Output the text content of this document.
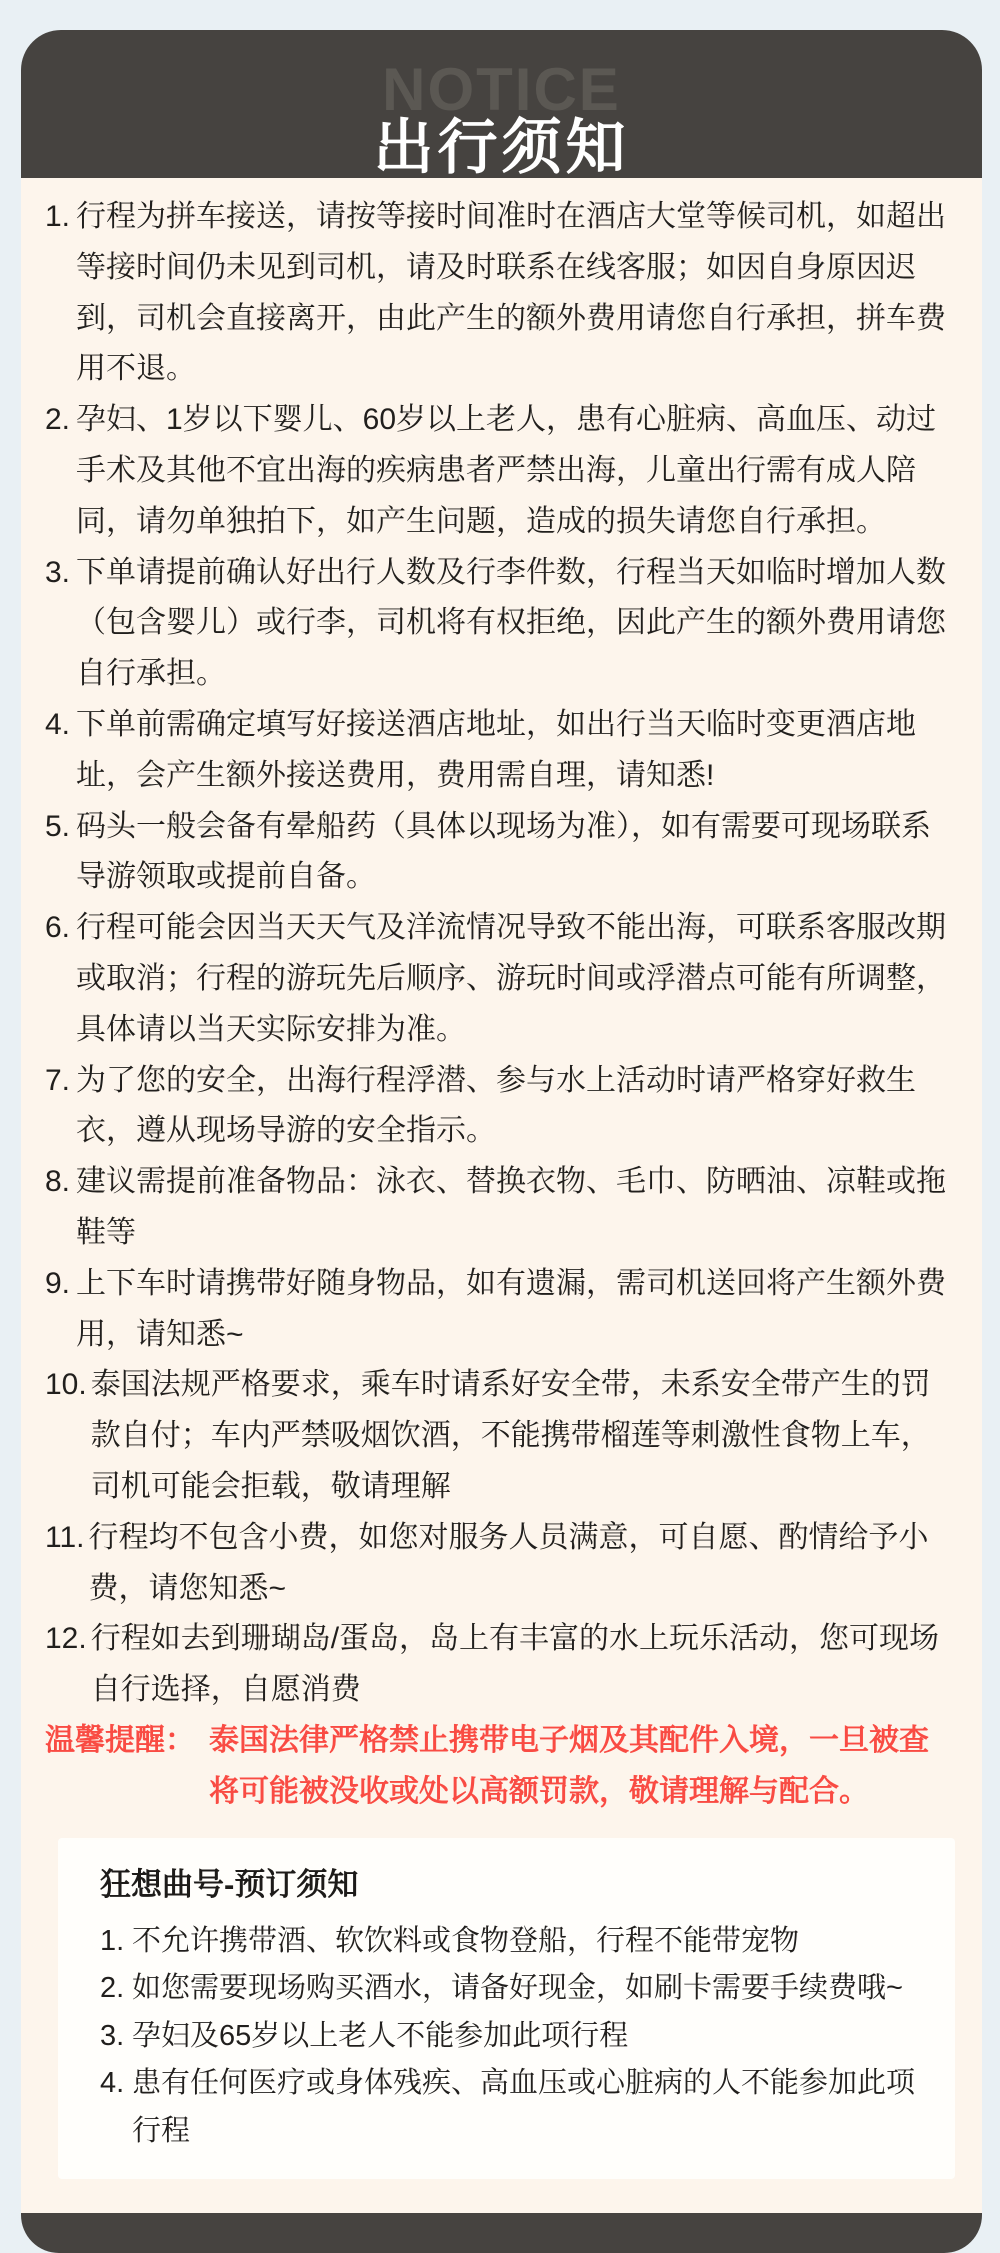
NOTICE
出行须知
1. 行程为拼车接送，请按等接时间准时在酒店大堂等候司机，如超出等接时间仍未见到司机，请及时联系在线客服；如因自身原因迟到，司机会直接离开，由此产生的额外费用请您自行承担，拼车费用不退。
2. 孕妇、1岁以下婴儿、60岁以上老人，患有心脏病、高血压、动过手术及其他不宜出海的疾病患者严禁出海，儿童出行需有成人陪同，请勿单独拍下，如产生问题，造成的损失请您自行承担。
3. 下单请提前确认好出行人数及行李件数，行程当天如临时增加人数（包含婴儿）或行李，司机将有权拒绝，因此产生的额外费用请您自行承担。
4. 下单前需确定填写好接送酒店地址，如出行当天临时变更酒店地址，会产生额外接送费用，费用需自理，请知悉!
5. 码头一般会备有晕船药（具体以现场为准），如有需要可现场联系导游领取或提前自备。
6. 行程可能会因当天天气及洋流情况导致不能出海，可联系客服改期或取消；行程的游玩先后顺序、游玩时间或浮潜点可能有所调整，具体请以当天实际安排为准。
7. 为了您的安全，出海行程浮潜、参与水上活动时请严格穿好救生衣，遵从现场导游的安全指示。
8. 建议需提前准备物品：泳衣、替换衣物、毛巾、防晒油、凉鞋或拖鞋等
9. 上下车时请携带好随身物品，如有遗漏，需司机送回将产生额外费用，请知悉~
10. 泰国法规严格要求，乘车时请系好安全带，未系安全带产生的罚款自付；车内严禁吸烟饮酒，不能携带榴莲等刺激性食物上车，司机可能会拒载，敬请理解
11. 行程均不包含小费，如您对服务人员满意，可自愿、酌情给予小费，请您知悉~
12. 行程如去到珊瑚岛/蛋岛，岛上有丰富的水上玩乐活动，您可现场自行选择，自愿消费
温馨提醒： 泰国法律严格禁止携带电子烟及其配件入境，一旦被查将可能被没收或处以高额罚款，敬请理解与配合。
狂想曲号-预订须知
1. 不允许携带酒、软饮料或食物登船，行程不能带宠物
2. 如您需要现场购买酒水，请备好现金，如刷卡需要手续费哦~
3. 孕妇及65岁以上老人不能参加此项行程
4. 患有任何医疗或身体残疾、高血压或心脏病的人不能参加此项行程
